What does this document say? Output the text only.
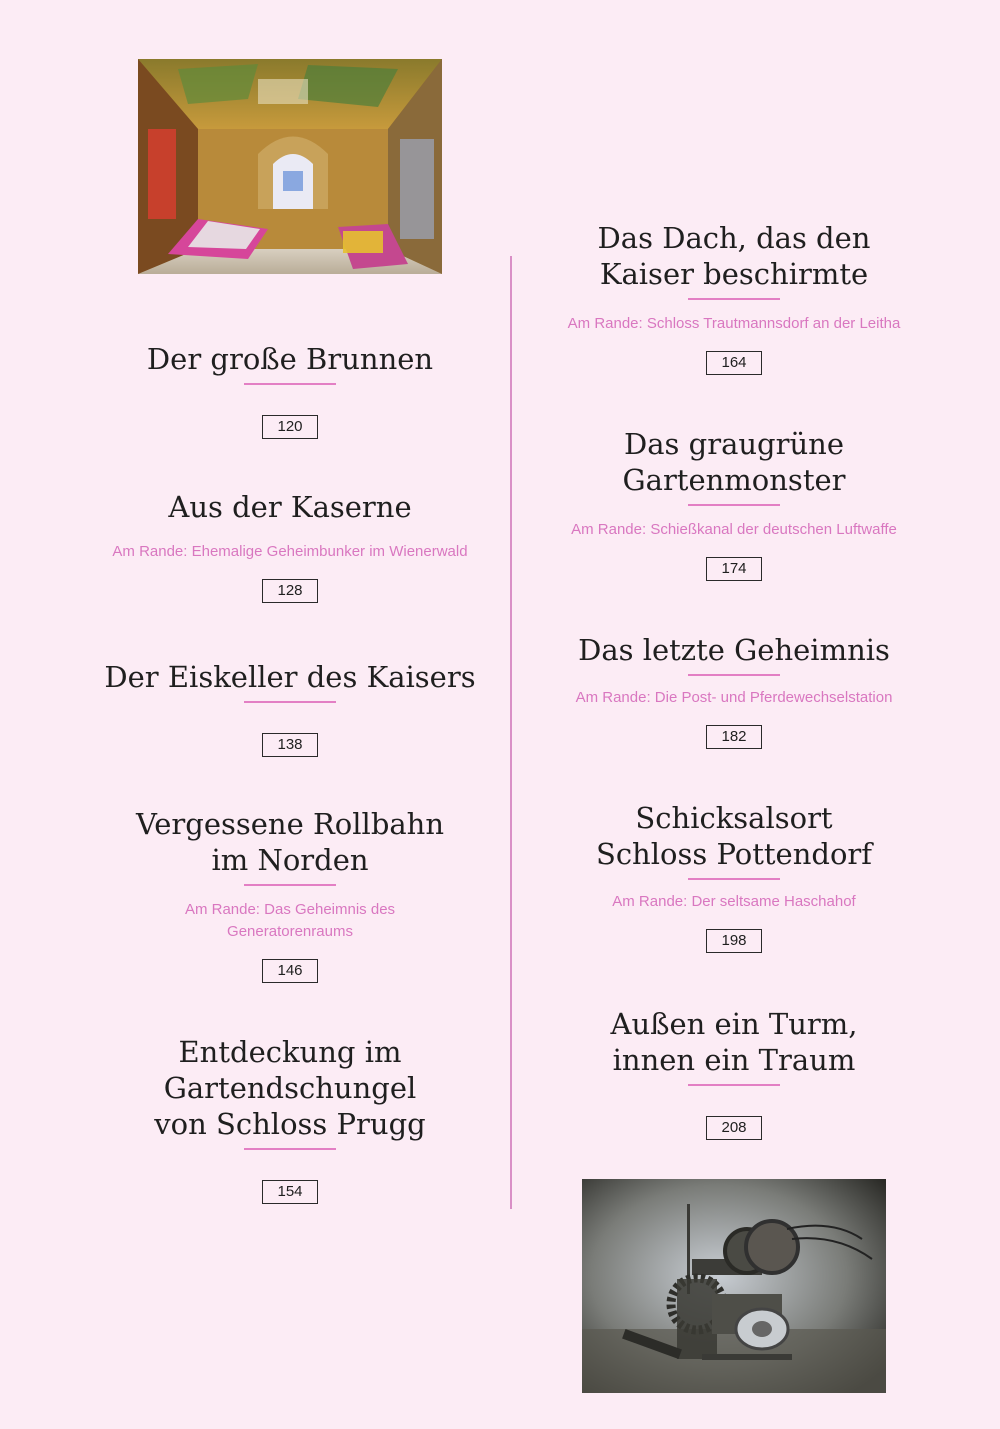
Der große Brunnen
120
Aus der Kaserne
Am Rande: Ehemalige Geheimbunker im Wienerwald
128
Der Eiskeller des Kaisers
138
Vergessene Rollbahn im Norden
Am Rande: Das Geheimnis des Generatorenraums
146
Entdeckung im Gartendschungel von Schloss Prugg
154
Das Dach, das den Kaiser beschirmte
Am Rande: Schloss Trautmannsdorf an der Leitha
164
Das graugrüne Gartenmonster
Am Rande: Schießkanal der deutschen Luftwaffe
174
Das letzte Geheimnis
Am Rande: Die Post- und Pferdewechselstation
182
Schicksalsort Schloss Pottendorf
Am Rande: Der seltsame Haschahof
198
Außen ein Turm, innen ein Traum
208
